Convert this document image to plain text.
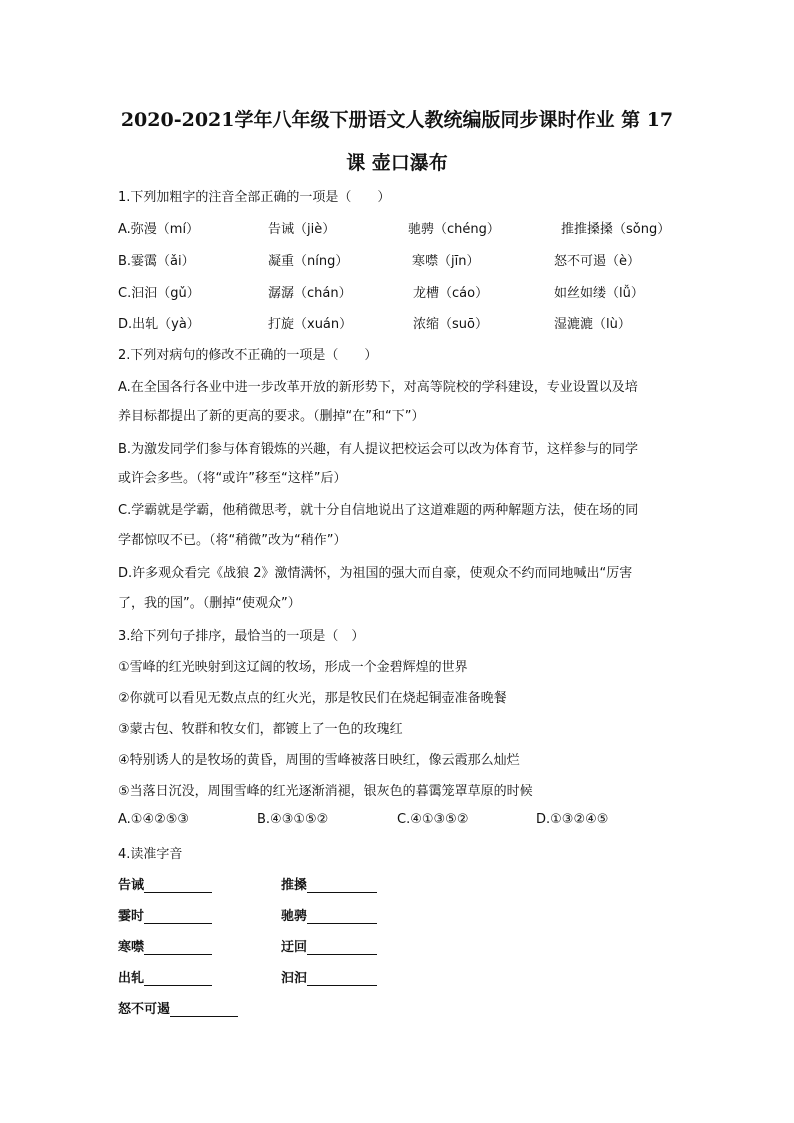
2020-2021学年八年级下册语文人教统编版同步课时作业 第 17
课 壶口瀑布
1.下列加粗字的注音全部正确的一项是（　　）
A.弥漫（mí）	告诫（jiè）	驰骋（chéng）	推推搡搡（sǒng）
B.霎霭（ǎi）	凝重（níng）	寒噤（jīn）	怒不可遏（è）
C.汩汩（gǔ）	潺潺（chán）	龙槽（cáo）	如丝如缕（lǚ）
D.出轧（yà）	打旋（xuán）	浓缩（suō）	湿漉漉（lù）
2.下列对病句的修改不正确的一项是（　　）
A.在全国各行各业中进一步改革开放的新形势下，对高等院校的学科建设，专业设置以及培
养目标都提出了新的更高的要求。（删掉“在”和“下”）
B.为激发同学们参与体育锻炼的兴趣，有人提议把校运会可以改为体育节，这样参与的同学
或许会多些。（将“或许”移至“这样”后）
C.学霸就是学霸，他稍微思考，就十分自信地说出了这道难题的两种解题方法，使在场的同
学都惊叹不已。（将“稍微”改为“稍作”）
D.许多观众看完《战狼 2》激情满怀，为祖国的强大而自豪，使观众不约而同地喊出“厉害
了，我的国”。（删掉“使观众”）
3.给下列句子排序，最恰当的一项是（　）
①雪峰的红光映射到这辽阔的牧场，形成一个金碧辉煌的世界
②你就可以看见无数点点的红火光，那是牧民们在烧起铜壶准备晚餐
③蒙古包、牧群和牧女们，都镀上了一色的玫瑰红
④特别诱人的是牧场的黄昏，周围的雪峰被落日映红，像云霞那么灿烂
⑤当落日沉没，周围雪峰的红光逐渐消褪，银灰色的暮霭笼罩草原的时候
A.①④②⑤③	B.④③①⑤②	C.④①③⑤②	D.①③②④⑤
4.读准字音
告诫	推搡
霎时	驰骋
寒噤	迂回
出轧	汩汩
怒不可遏
